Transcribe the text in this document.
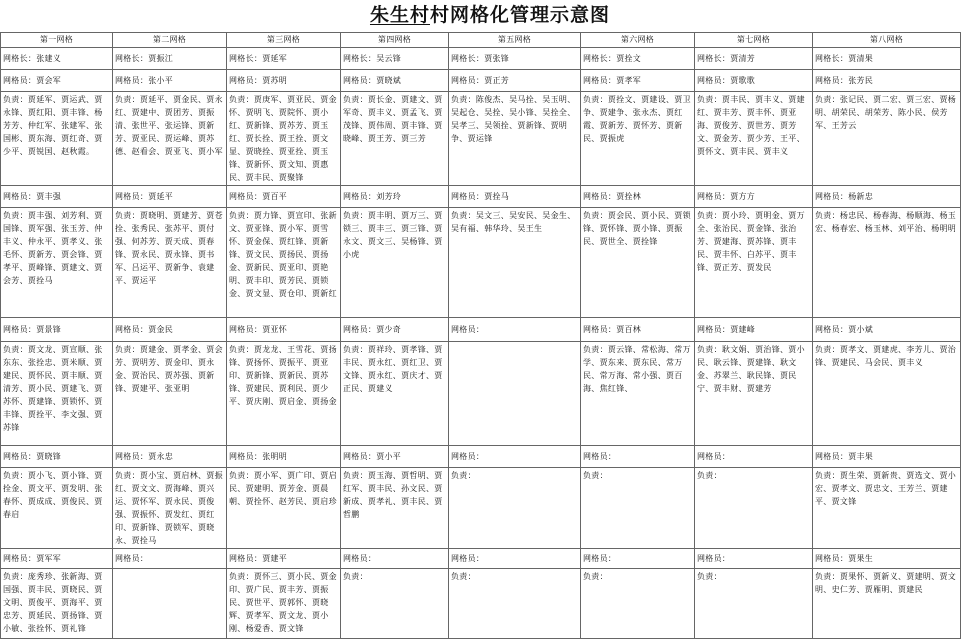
朱生村村网格化管理示意图
第一网格	第二网格	第三网格	第四网格	第五网格	第六网格	第七网格	第八网格
网格长：张建义	网格长：贾振江	网格长：贾延军	网格长：吴云锋	网格长：贾张锋	网格长：贾拴文	网格长：贾清芳	网格长：贾清果
网格员：贾会军	网格员：张小平	网格员：贾苏明	网格员：贾晓斌	网格员：贾正芳	网格员：贾孝军	网格员：贾歌歌	网格员：张芳民
负责：贾延军、贾运武、贾永锋、贾红阳、贾丰锋、杨芳芳、仲红军、张建军、张国彬、贾东海、贾红奇、贾少平、贾锐国、赵秋霞。	负责：贾延平、贾金民、贾永红、贾建中、贾团芳、贾振清、张世平、张运锋、贾新芳、贾亚民、贾运峰、贾苏德、赵看会、贾亚飞、贾小军	负责：贾庚军、贾亚民、贾金怀、贾明飞、贾院怀、贾小红、贾新锋、贾苏芳、贾玉红、贾长拴、贾王拴、贾文显、贾晓拴、贾亚拴、贾玉锋、贾新怀、贾文知、贾惠民、贾丰民、贾聚锋	负责：贾长金、贾建文、贾军奇、贾丰义、贾孟飞、贾茂锋、贾伟周、贾丰锋、贾晓峰、贾王芳、贾三芳	负责：陈俊杰、吴马拴、吴玉明、吴起仓、吴拴、吴小锋、吴拴全、吴孝三、吴领拴、贾新锋、贾明争、贾运锋	负责：贾拴文、贾建设、贾卫争、贾建争、张永杰、贾红霞、贾新芳、贾怀芳、贾新民、贾振虎	负责：贾丰民、贾丰义、贾建红、贾丰芳、贾丰怀、贾亚海、贾俊芳、贾世芳、贾芳文、贾金芳、贾少芳、王平、贾怀文、贾丰民、贾丰义	负责：张记民、贾二宏、贾三宏、贾杨明、胡荣民、胡荣芳、陈小民、侯芳军、王芳云
网格员：贾丰强	网格员：贾延平	网格员：贾百平	网格员：刘芳玲	网格员：贾拴马	网格员：贾拴林	网格员：贾方方	网格员：杨新忠
负责：贾丰强、刘芳利、贾国锋、贾军强、张玉芳、仲丰义、仲永平、贾孝义、张毛怀、贾新芳、贾会锋、贾孝平、贾峰锋、贾建文、贾会芳、贾拴马	负责：贾晓明、贾建芳、贾苍拴、张秀民、张苏平、贾付强、何苏芳、贾天成、贾春锋、贾永民、贾永锋、贾书军、吕运平、贾新争、袁建平、贾运平	负责：贾力锋、贾宣印、张新文、贾亚锋、贾小军、贾雪怀、贾金保、贾红锋、贾新锋、贾文民、贾扬民、贾扬金、贾新民、贾亚印、贾艳明、贾丰印、贾芳民、贾锁金、贾文显、贾仓印、贾新红	负责：贾丰明、贾万三、贾锁三、贾丰三、贾三锋、贾永文、贾文三、吴杨锋、贾小虎	负责：吴文三、吴安民、吴金生、吴有福、韩华玲、吴王生	负责：贾会民、贾小民、贾锁锋、贾怀锋、贾小锋、贾振民、贾世全、贾拴锋	负责：贾小玲、贾明金、贾万全、张治民、贾金锋、张治芳、贾建海、贾苏锋、贾丰民、贾丰怀、白苏平、贾丰锋、贾正芳、贾发民	负责：杨忠民、杨春海、杨顺海、杨玉宏、杨春宏、杨玉林、刘平治、杨明明
网格员：贾景锋	网格员：贾金民	网格员：贾亚怀	网格员：贾少奇	网格员：	网格员：贾百林	网格员：贾建峰	网格员：贾小斌
负责：贾文龙、贾宣顺、张东东、张拴忠、贾米顺、贾建民、贾怀民、贾丰顺、贾清芳、贾小民、贾建飞、贾苏怀、贾建锋、贾锁怀、贾丰锋、贾拴平、李文强、贾苏锋	负责：贾建金、贾孝金、贾会芳、贾明芳、贾金印、贾永金、贾治民、贾苏强、贾新锋、贾建平、张亚明	负责：贾龙龙、王雪花、贾扬锋、贾扬怀、贾振平、贾亚印、贾新锋、贾新民、贾苏锋、贾建民、贾利民、贾少平、贾庆刚、贾启金、贾扬金	负责：贾祥玲、贾孝锋、贾丰民、贾永红、贾红卫、贾文锋、贾永红、贾庆才、贾正民、贾建义		负责：贾云锋、常松海、常万学、贾东来、贾东民、常万民、常万海、常小强、贾百海、焦红锋、	负责：耿文娟、贾治锋、贾小民、耿云锋、贾建锋、耿文金、苏翠兰、耿民锋、贾民宁、贾丰财、贾建芳	负责：贾孝文、贾建虎、李芳儿、贾治锋、贾建民、马会民、贾丰义
网格员：贾晓锋	网格员：贾永忠	网格员：张明明	网格员：贾小平	网格员：	网格员：	网格员：	网格员：贾丰果
负责：贾小飞、贾小锋、贾拴金、贾文平、贾发明、张春怀、贾成成、贾俊民、贾春启	负责：贾小宝、贾启林、贾振红、贾文文、贾海峰、贾兴运、贾怀军、贾永民、贾俊强、贾振怀、贾发红、贾红印、贾新锋、贾锁军、贾晓永、贾拴马	负责：贾小军、贾广印、贾启民、贾建明、贾芳金、贾晨朝、贾拴怀、赵芳民、贾启珍	负责：贾玉海、贾哲明、贾红军、贾丰民、孙文民、贾新成、贾孝礼、贾丰民、贾哲鹏	负责：	负责：	负责：	负责：贾生荣、贾新贵、贾选文、贾小宏、贾孝文、贾忠文、王芳兰、贾建平、贾文锋
网格员：贾军军	网格员：	网格员：贾建平	网格员：	网格员：	网格员：	网格员：	网格员：贾果生
负责：庞秀珍、张新海、贾国强、贾丰民、贾晓民、贾文明、贾俊平、贾海平、贾忠芳、贾延民、贾扬锋、贾小敏、张拴怀、贾礼锋		负责：贾怀三、贾小民、贾金印、贾广民、贾丰芳、贾振民、贾世平、贾郭怀、贾晓辉、贾孝军、贾文龙、贾小刚、杨爱香、贾文锋	负责：	负责：	负责：	负责：	负责：贾果怀、贾新义、贾建明、贾文明、史仁芳、贾雁明、贾建民
